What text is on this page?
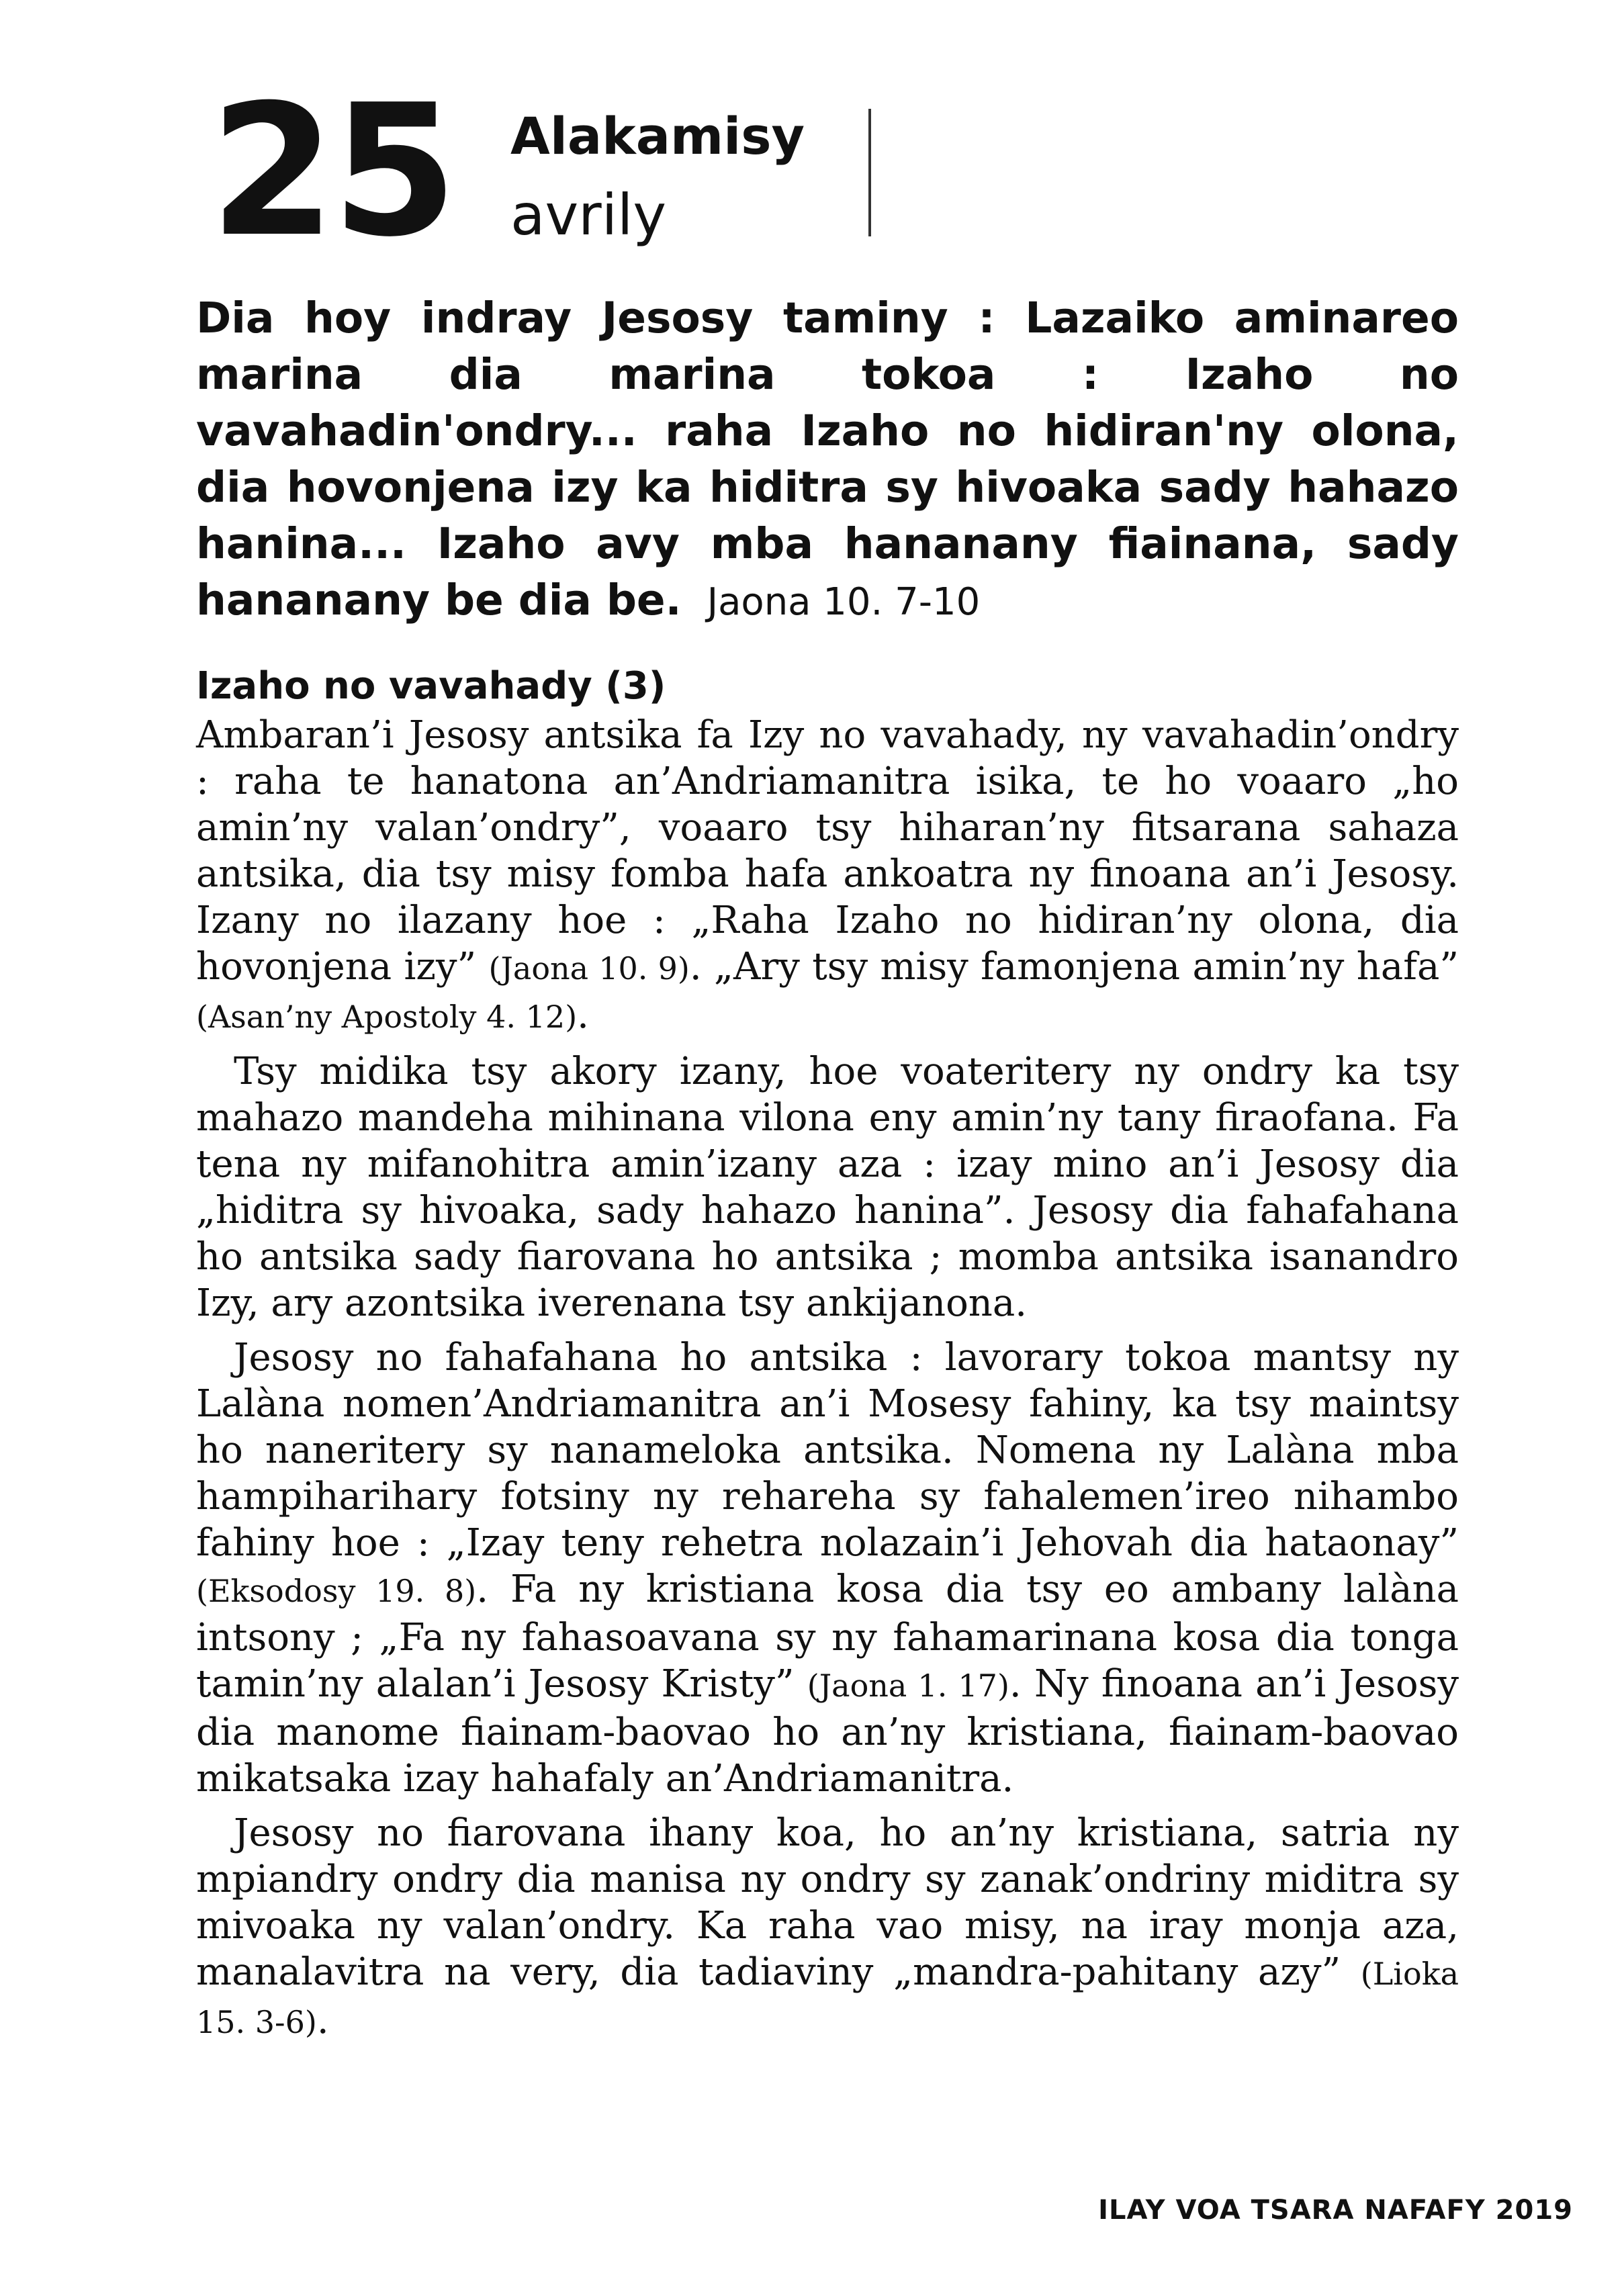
25 Alakamisy
avrily

Dia hoy indray Jesosy taminy : Lazaiko aminareo marina dia marina tokoa : Izaho no vavahadin'ondry... raha Izaho no hidiran'ny olona, dia hovonjena izy ka hiditra sy hivoaka sady hahazo hanina... Izaho avy mba hananany fiainana, sady hananany be dia be. Jaona 10. 7-10

Izaho no vavahady (3)

Ambaran’i Jesosy antsika fa Izy no vavahady, ny vavahadin’ondry : raha te hanatona an’Andriamanitra isika, te ho voaaro „ho amin’ny valan’ondry”, voaaro tsy hiharan’ny fitsarana sahaza antsika, dia tsy misy fomba hafa ankoatra ny finoana an’i Jesosy. Izany no ilazany hoe : „Raha Izaho no hidiran’ny olona, dia hovonjena izy” (Jaona 10. 9). „Ary tsy misy famonjena amin’ny hafa” (Asan’ny Apostoly 4. 12).

Tsy midika tsy akory izany, hoe voateritery ny ondry ka tsy mahazo mandeha mihinana vilona eny amin’ny tany firaofana. Fa tena ny mifanohitra amin’izany aza : izay mino an’i Jesosy dia „hiditra sy hivoaka, sady hahazo hanina”. Jesosy dia fahafahana ho antsika sady fiarovana ho antsika ; momba antsika isanandro Izy, ary azontsika iverenana tsy ankijanona.

Jesosy no fahafahana ho antsika : lavorary tokoa mantsy ny Lalàna nomen’Andriamanitra an’i Mosesy fahiny, ka tsy maintsy ho naneritery sy nanameloka antsika. Nomena ny Lalàna mba hampiharihary fotsiny ny rehareha sy fahalemen’ireo nihambo fahiny hoe : „Izay teny rehetra nolazain’i Jehovah dia hataonay” (Eksodosy 19. 8). Fa ny kristiana kosa dia tsy eo ambany lalàna intsony ; „Fa ny fahasoavana sy ny fahamarinana kosa dia tonga tamin’ny alalan’i Jesosy Kristy” (Jaona 1. 17). Ny finoana an’i Jesosy dia manome fiainam-baovao ho an’ny kristiana, fiainam-baovao mikatsaka izay hahafaly an’Andriamanitra.

Jesosy no fiarovana ihany koa, ho an’ny kristiana, satria ny mpiandry ondry dia manisa ny ondry sy zanak’ondriny miditra sy mivoaka ny valan’ondry. Ka raha vao misy, na iray monja aza, manalavitra na very, dia tadiaviny „mandra-pahitany azy” (Lioka 15. 3-6).

ILAY VOA TSARA NAFAFY 2019
